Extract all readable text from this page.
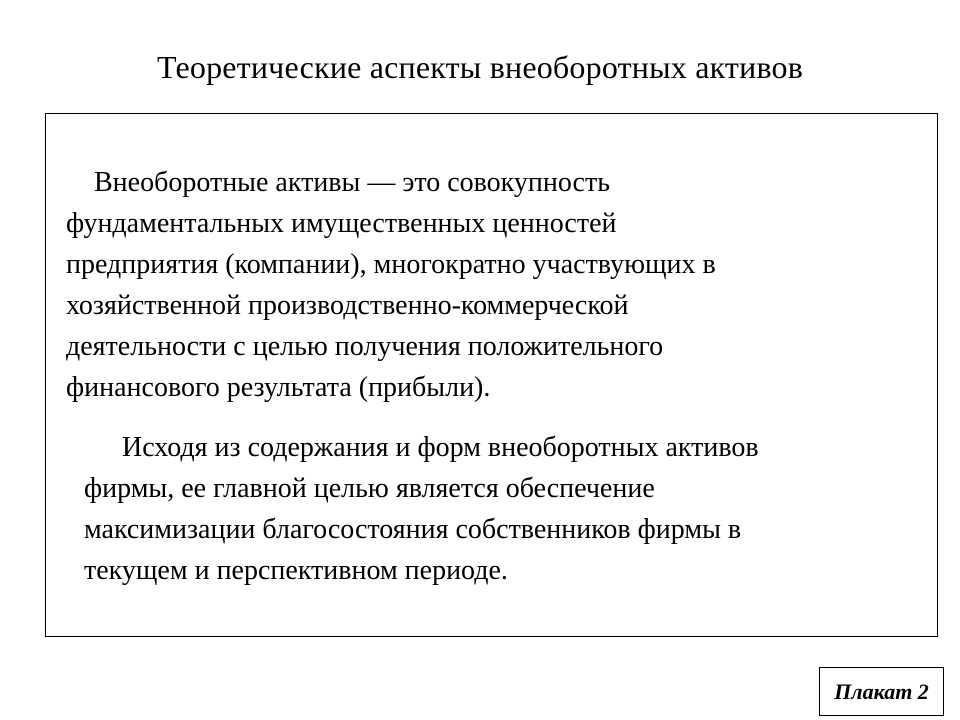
Теоретические аспекты внеоборотных активов

Внеоборотные активы — это совокупность
фундаментальных имущественных ценностей
предприятия (компании), многократно участвующих в
хозяйственной производственно-коммерческой
деятельности с целью получения положительного
финансового результата (прибыли).

Исходя из содержания и форм внеоборотных активов
фирмы, ее главной целью является обеспечение
максимизации благосостояния собственников фирмы в
текущем и перспективном периоде.

Плакат 2
